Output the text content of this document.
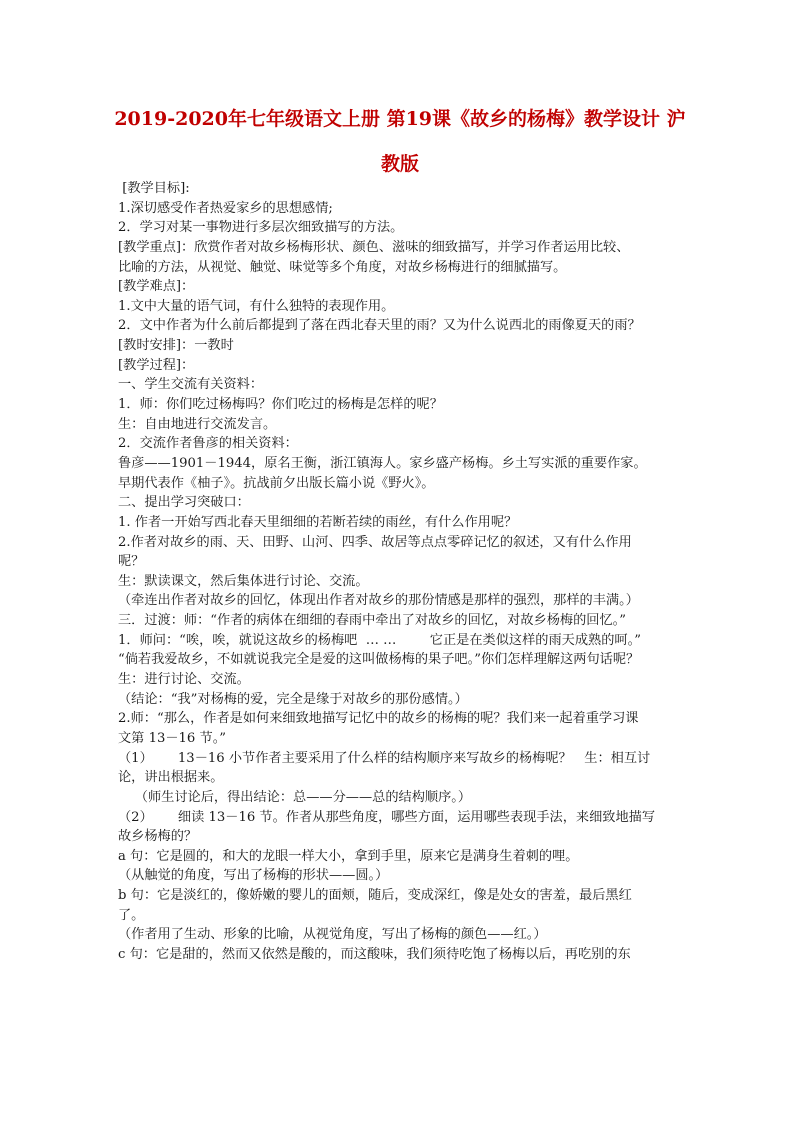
2019-2020年七年级语文上册 第19课《故乡的杨梅》教学设计 沪
教版
[教学目标]:
1.深切感受作者热爱家乡的思想感情;
2．学习对某一事物进行多层次细致描写的方法。
[教学重点]：欣赏作者对故乡杨梅形状、颜色、滋味的细致描写，并学习作者运用比较、
比喻的方法，从视觉、触觉、味觉等多个角度，对故乡杨梅进行的细腻描写。
[教学难点]：
1.文中大量的语气词，有什么独特的表现作用。
2．文中作者为什么前后都提到了落在西北春天里的雨？又为什么说西北的雨像夏天的雨？
[教时安排]：一教时
[教学过程]：
一、学生交流有关资料：
1．师：你们吃过杨梅吗？你们吃过的杨梅是怎样的呢？
生：自由地进行交流发言。
2．交流作者鲁彦的相关资料：
鲁彦——1901－1944，原名王衡，浙江镇海人。家乡盛产杨梅。乡土写实派的重要作家。
早期代表作《柚子》。抗战前夕出版长篇小说《野火》。
二、提出学习突破口：
1. 作者一开始写西北春天里细细的若断若续的雨丝，有什么作用呢？
2.作者对故乡的雨、天、田野、山河、四季、故居等点点零碎记忆的叙述，又有什么作用
呢？
生：默读课文，然后集体进行讨论、交流。
（牵连出作者对故乡的回忆，体现出作者对故乡的那份情感是那样的强烈，那样的丰满。）
三．过渡：师：“作者的病体在细细的春雨中牵出了对故乡的回忆，对故乡杨梅的回忆。”
1．师问：“唉，唉，就说这故乡的杨梅吧  … …        它正是在类似这样的雨天成熟的呵。”
“倘若我爱故乡，不如就说我完全是爱的这叫做杨梅的果子吧。”你们怎样理解这两句话呢？
生：进行讨论、交流。
（结论：“我”对杨梅的爱，完全是缘于对故乡的那份感情。）
2.师：“那么，作者是如何来细致地描写记忆中的故乡的杨梅的呢？我们来一起着重学习课
文第 13－16 节。”
（1）      13－16 小节作者主要采用了什么样的结构顺序来写故乡的杨梅呢？   生：相互讨
论，讲出根据来。
（师生讨论后，得出结论：总——分——总的结构顺序。）
（2）      细读 13－16 节。作者从那些角度，哪些方面，运用哪些表现手法，来细致地描写
故乡杨梅的？
a 句：它是圆的，和大的龙眼一样大小，拿到手里，原来它是满身生着刺的哩。
（从触觉的角度，写出了杨梅的形状——圆。）
b 句：它是淡红的，像娇嫩的婴儿的面颊，随后，变成深红，像是处女的害羞，最后黑红
了。
（作者用了生动、形象的比喻，从视觉角度，写出了杨梅的颜色——红。）
c 句：它是甜的，然而又依然是酸的，而这酸味，我们须待吃饱了杨梅以后，再吃别的东
